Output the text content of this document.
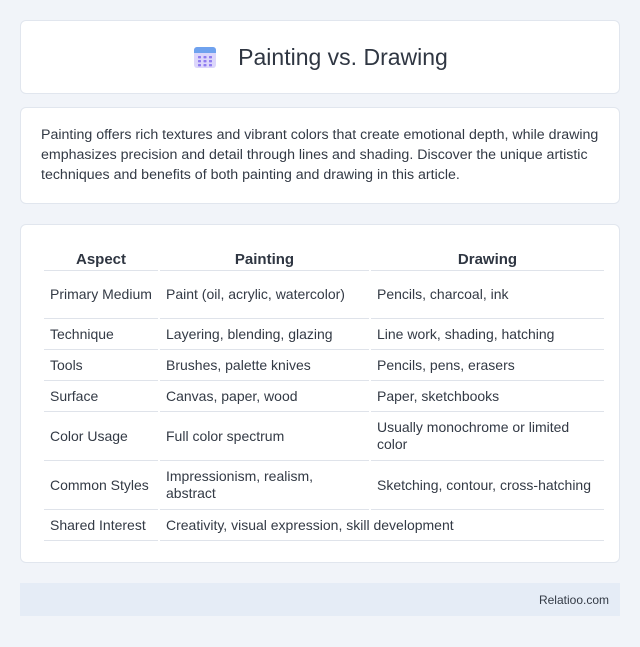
Painting vs. Drawing

Painting offers rich textures and vibrant colors that create emotional depth, while drawing emphasizes precision and detail through lines and shading. Discover the unique artistic techniques and benefits of both painting and drawing in this article.

Aspect	Painting	Drawing
Primary Medium	Paint (oil, acrylic, watercolor)	Pencils, charcoal, ink
Technique	Layering, blending, glazing	Line work, shading, hatching
Tools	Brushes, palette knives	Pencils, pens, erasers
Surface	Canvas, paper, wood	Paper, sketchbooks
Color Usage	Full color spectrum	Usually monochrome or limited color
Common Styles	Impressionism, realism, abstract	Sketching, contour, cross-hatching
Shared Interest	Creativity, visual expression, skill development	
Relatioo.com
